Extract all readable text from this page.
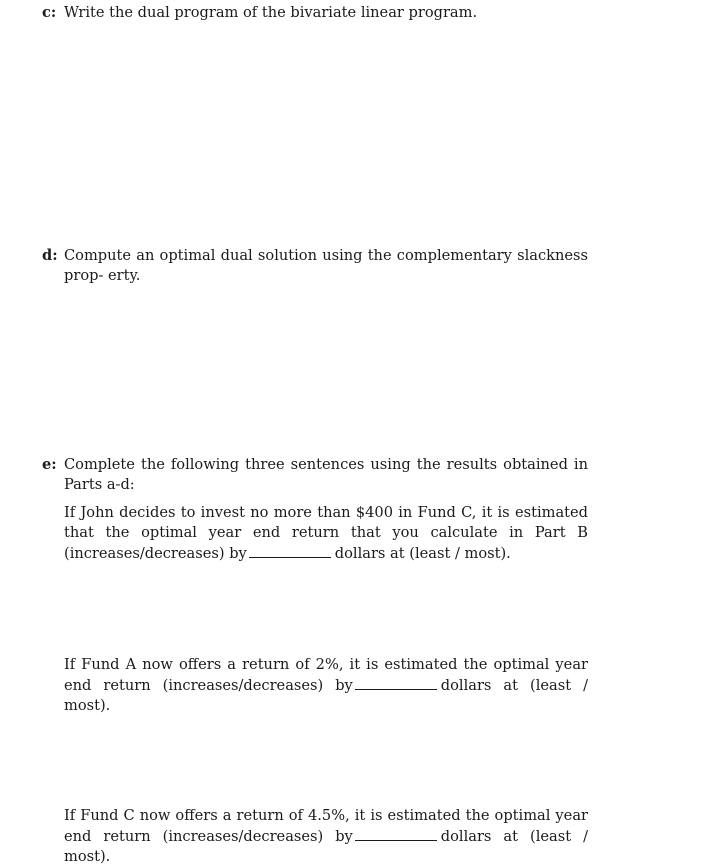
c: Write the dual program of the bivariate linear program.
d: Compute an optimal dual solution using the complementary slackness prop- erty.
e: Complete the following three sentences using the results obtained in Parts a-d:
If John decides to invest no more than $400 in Fund C, it is estimated that the optimal year end return that you calculate in Part B (increases/decreases) by	dollars at (least / most).
If Fund A now offers a return of 2%, it is estimated the optimal year end return (increases/decreases) by	dollars at (least / most).
If Fund C now offers a return of 4.5%, it is estimated the optimal year end return (increases/decreases) by	dollars at (least / most).
